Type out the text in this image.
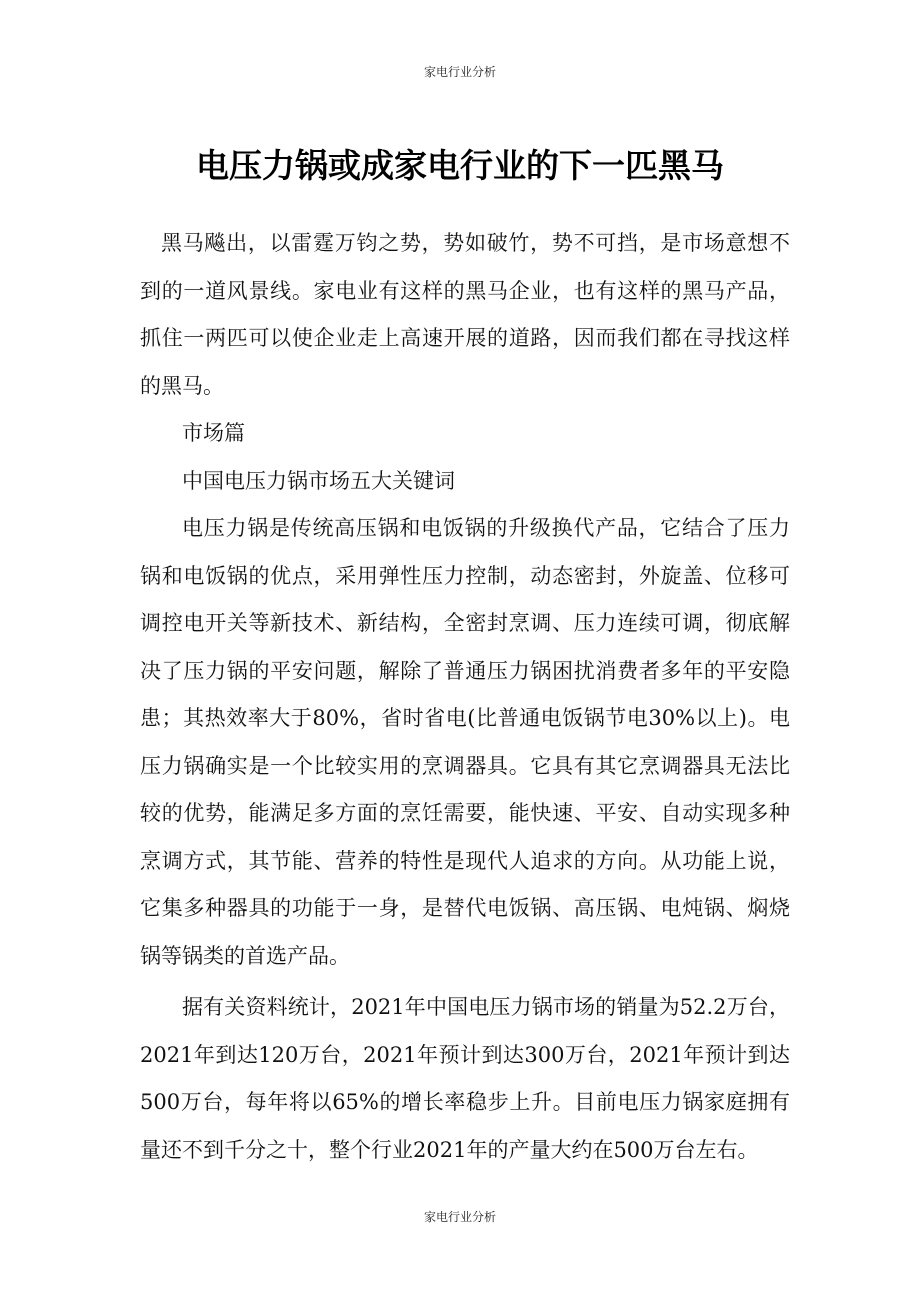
家电行业分析
电压力锅或成家电行业的下一匹黑马

黑马飚出，以雷霆万钧之势，势如破竹，势不可挡，是市场意想不到的一道风景线。家电业有这样的黑马企业，也有这样的黑马产品，抓住一两匹可以使企业走上高速开展的道路，因而我们都在寻找这样的黑马。

市场篇

中国电压力锅市场五大关键词

电压力锅是传统高压锅和电饭锅的升级换代产品，它结合了压力锅和电饭锅的优点，采用弹性压力控制，动态密封，外旋盖、位移可调控电开关等新技术、新结构，全密封烹调、压力连续可调，彻底解决了压力锅的平安问题，解除了普通压力锅困扰消费者多年的平安隐患；其热效率大于80%，省时省电(比普通电饭锅节电30%以上)。电压力锅确实是一个比较实用的烹调器具。它具有其它烹调器具无法比较的优势，能满足多方面的烹饪需要，能快速、平安、自动实现多种烹调方式，其节能、营养的特性是现代人追求的方向。从功能上说，它集多种器具的功能于一身，是替代电饭锅、高压锅、电炖锅、焖烧锅等锅类的首选产品。

据有关资料统计，2021年中国电压力锅市场的销量为52.2万台，2021年到达120万台，2021年预计到达300万台，2021年预计到达500万台，每年将以65%的增长率稳步上升。目前电压力锅家庭拥有量还不到千分之十，整个行业2021年的产量大约在500万台左右。

家电行业分析
